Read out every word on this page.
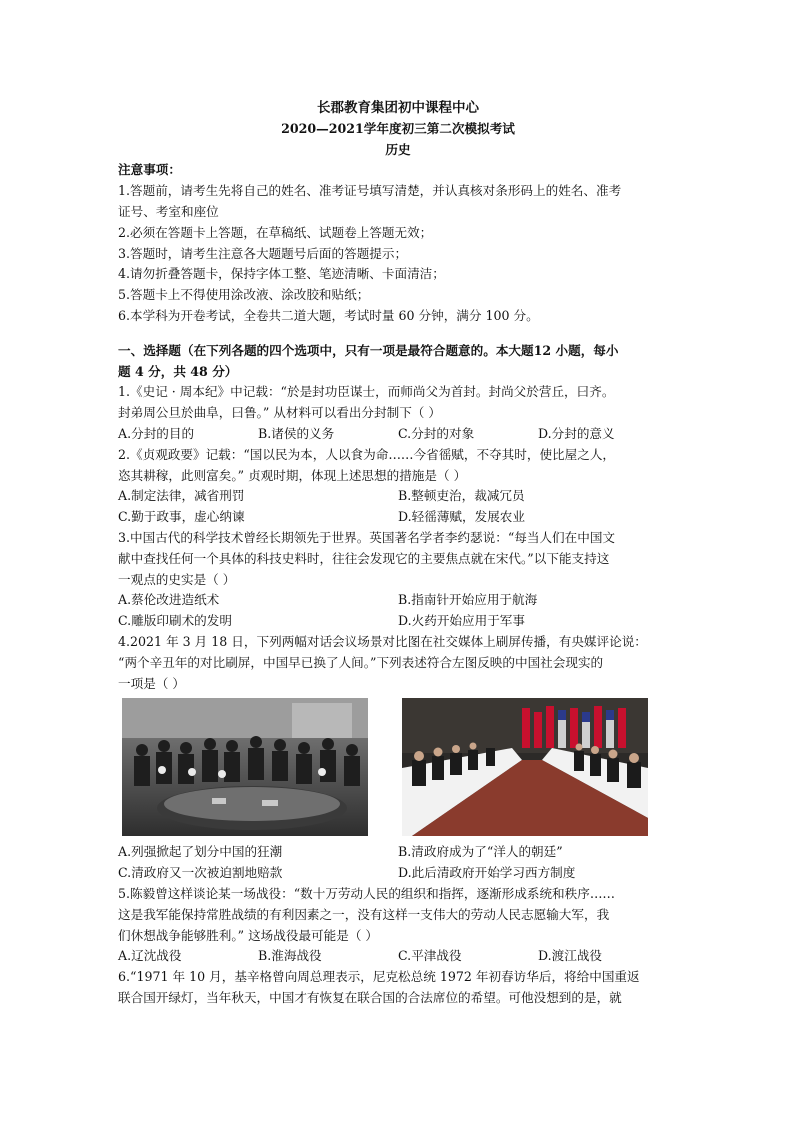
长郡教育集团初中课程中心
2020—2021学年度初三第二次模拟考试
历史
注意事项：
1.答题前，请考生先将自己的姓名、准考证号填写清楚，并认真核对条形码上的姓名、准考
证号、考室和座位
2.必须在答题卡上答题，在草稿纸、试题卷上答题无效；
3.答题时，请考生注意各大题题号后面的答题提示；
4.请勿折叠答题卡，保持字体工整、笔迹清晰、卡面清洁；
5.答题卡上不得使用涂改液、涂改胶和贴纸；
6.本学科为开卷考试，全卷共二道大题，考试时量 60 分钟，满分 100 分。
一、选择题（在下列各题的四个选项中，只有一项是最符合题意的。本大题12 小题，每小
题 4 分，共 48 分）
1.《史记 · 周本纪》中记载：“於是封功臣谋士，而师尚父为首封。封尚父於营丘，曰齐。
封弟周公旦於曲阜，曰鲁。” 从材料可以看出分封制下（ ）
A.分封的目的	B.诸侯的义务	C.分封的对象	D.分封的意义
2.《贞观政要》记载：“国以民为本，人以食为命……今省徭赋，不夺其时，使比屋之人，
恣其耕稼，此则富矣。” 贞观时期，体现上述思想的措施是（ ）
A.制定法律，减省刑罚	B.整顿吏治，裁减冗员
C.勤于政事，虚心纳谏	D.轻徭薄赋，发展农业
3.中国古代的科学技术曾经长期领先于世界。英国著名学者李约瑟说：“每当人们在中国文
献中查找任何一个具体的科技史料时，往往会发现它的主要焦点就在宋代。”以下能支持这
一观点的史实是（ ）
A.蔡伦改进造纸术	B.指南针开始应用于航海
C.雕版印刷术的发明	D.火药开始应用于军事
4.2021 年 3 月 18 日，下列两幅对话会议场景对比图在社交媒体上刷屏传播，有央媒评论说：
“两个辛丑年的对比刷屏，中国早已换了人间。”下列表述符合左图反映的中国社会现实的
一项是（ ）
A.列强掀起了划分中国的狂潮	B.清政府成为了“洋人的朝廷”
C.清政府又一次被迫割地赔款	D.此后清政府开始学习西方制度
5.陈毅曾这样谈论某一场战役：“数十万劳动人民的组织和指挥，逐渐形成系统和秩序……
这是我军能保持常胜战绩的有利因素之一，没有这样一支伟大的劳动人民志愿输大军，我
们休想战争能够胜利。” 这场战役最可能是（ ）
A.辽沈战役	B.淮海战役	C.平津战役	D.渡江战役
6.“1971 年 10 月，基辛格曾向周总理表示，尼克松总统 1972 年初春访华后，将给中国重返
联合国开绿灯，当年秋天，中国才有恢复在联合国的合法席位的希望。可他没想到的是，就
